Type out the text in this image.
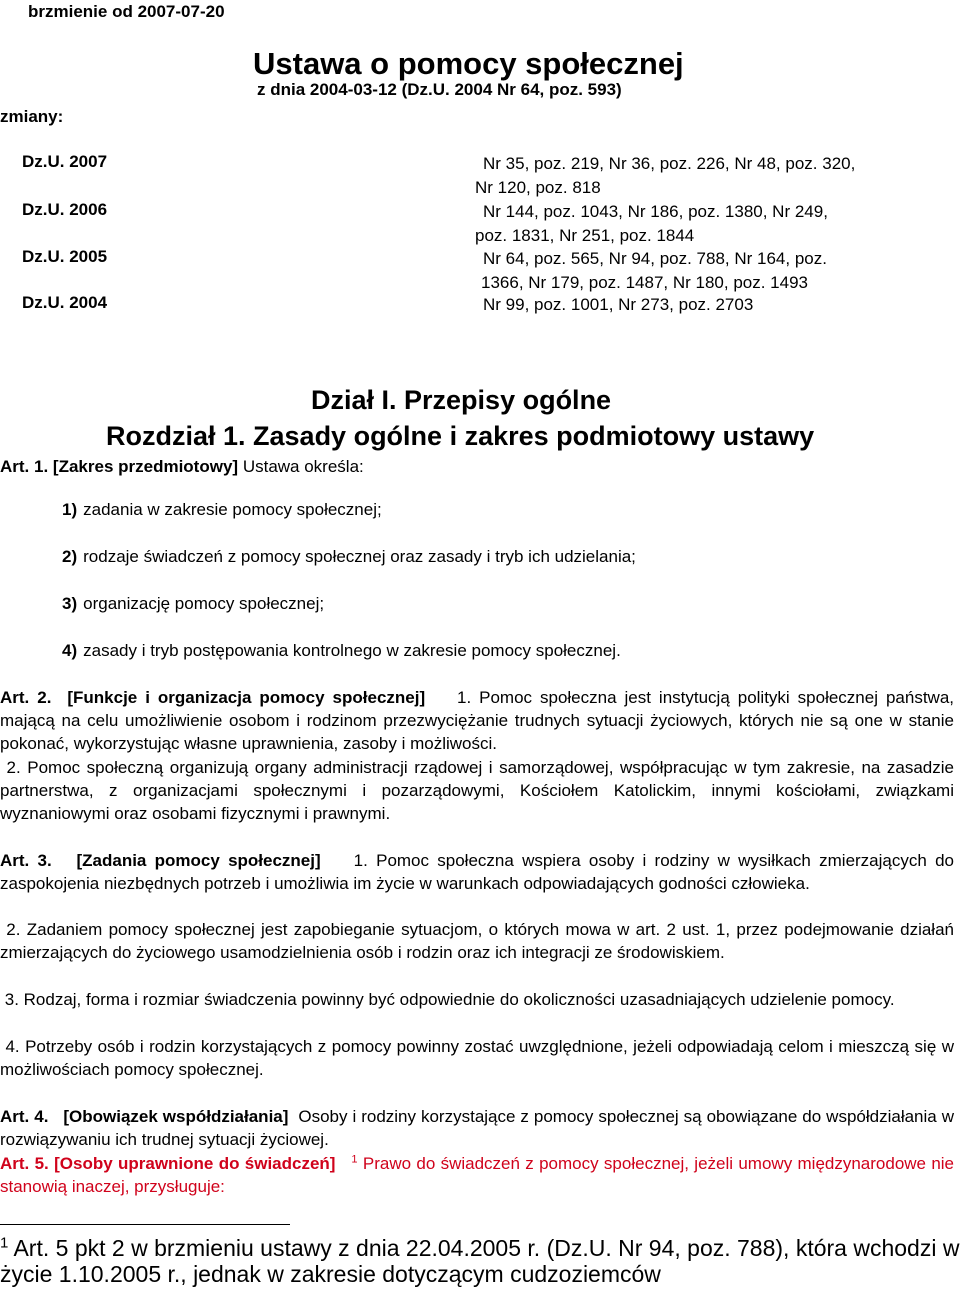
brzmienie od 2007-07-20
Ustawa o pomocy społecznej
z dnia 2004-03-12 (Dz.U. 2004 Nr 64, poz. 593)
zmiany:
Dz.U. 2007	Nr 35, poz. 219, Nr 36, poz. 226, Nr 48, poz. 320,
Nr 120, poz. 818
Dz.U. 2006	Nr 144, poz. 1043, Nr 186, poz. 1380, Nr 249,
poz. 1831, Nr 251, poz. 1844
Dz.U. 2005	Nr 64, poz. 565, Nr 94, poz. 788, Nr 164, poz.
1366, Nr 179, poz. 1487, Nr 180, poz. 1493
Dz.U. 2004	Nr 99, poz. 1001, Nr 273, poz. 2703
Dział I. Przepisy ogólne
Rozdział 1. Zasady ogólne i zakres podmiotowy ustawy
Art. 1. [Zakres przedmiotowy] Ustawa określa:
1) zadania w zakresie pomocy społecznej;
2) rodzaje świadczeń z pomocy społecznej oraz zasady i tryb ich udzielania;
3) organizację pomocy społecznej;
4) zasady i tryb postępowania kontrolnego w zakresie pomocy społecznej.
Art. 2. [Funkcje i organizacja pomocy społecznej] 1. Pomoc społeczna jest instytucją polityki społecznej państwa, mającą na celu umożliwienie osobom i rodzinom przezwyciężanie trudnych sytuacji życiowych, których nie są one w stanie pokonać, wykorzystując własne uprawnienia, zasoby i możliwości.
2. Pomoc społeczną organizują organy administracji rządowej i samorządowej, współpracując w tym zakresie, na zasadzie partnerstwa, z organizacjami społecznymi i pozarządowymi, Kościołem Katolickim, innymi kościołami, związkami wyznaniowymi oraz osobami fizycznymi i prawnymi.
Art. 3. [Zadania pomocy społecznej] 1. Pomoc społeczna wspiera osoby i rodziny w wysiłkach zmierzających do zaspokojenia niezbędnych potrzeb i umożliwia im życie w warunkach odpowiadających godności człowieka.
2. Zadaniem pomocy społecznej jest zapobieganie sytuacjom, o których mowa w art. 2 ust. 1, przez podejmowanie działań zmierzających do życiowego usamodzielnienia osób i rodzin oraz ich integracji ze środowiskiem.
3. Rodzaj, forma i rozmiar świadczenia powinny być odpowiednie do okoliczności uzasadniających udzielenie pomocy.
4. Potrzeby osób i rodzin korzystających z pomocy powinny zostać uwzględnione, jeżeli odpowiadają celom i mieszczą się w możliwościach pomocy społecznej.
Art. 4. [Obowiązek współdziałania] Osoby i rodziny korzystające z pomocy społecznej są obowiązane do współdziałania w rozwiązywaniu ich trudnej sytuacji życiowej.
Art. 5. [Osoby uprawnione do świadczeń] $^1$ Prawo do świadczeń z pomocy społecznej, jeżeli umowy międzynarodowe nie stanowią inaczej, przysługuje:
$^1$ Art. 5 pkt 2 w brzmieniu ustawy z dnia 22.04.2005 r. (Dz.U. Nr 94, poz. 788), która wchodzi w życie 1.10.2005 r., jednak w zakresie dotyczącym cudzoziemców
